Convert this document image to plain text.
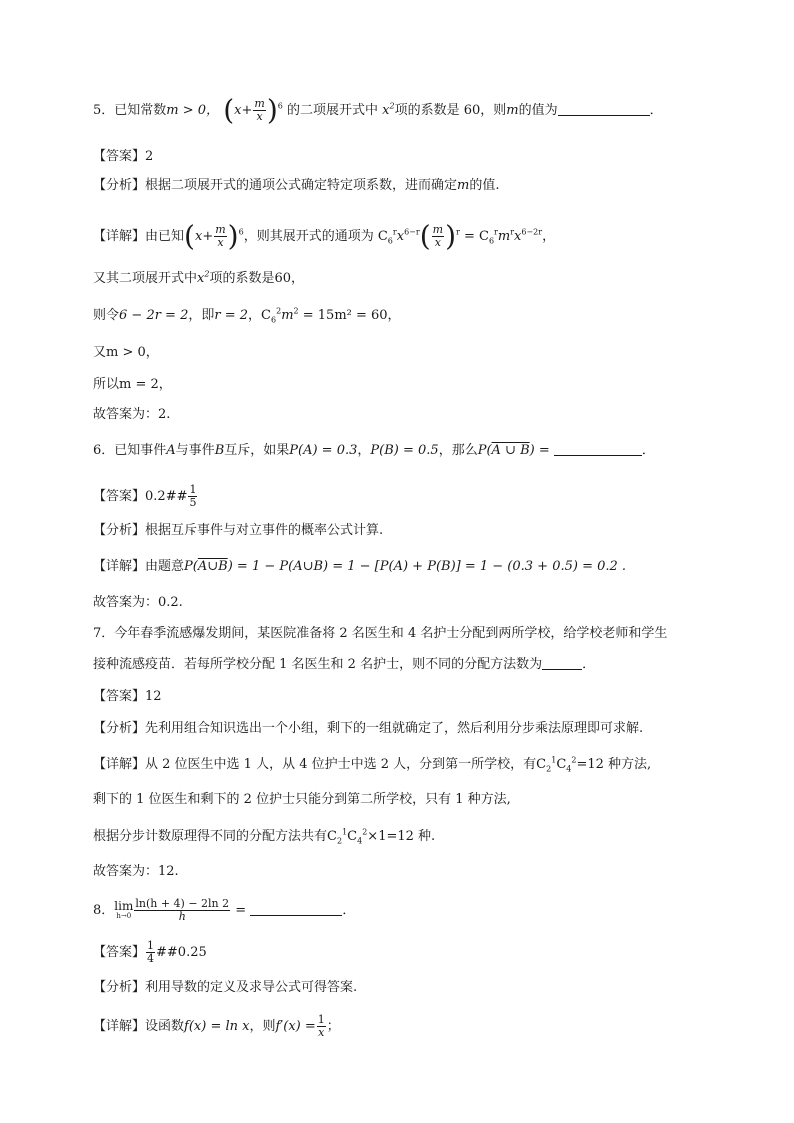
5．已知常数m > 0， $(x+ \frac{m}{x} )^6$ 的二项展开式中 $x^2$项的系数是 60，则m的值为	．
【答案】2
【分析】根据二项展开式的通项公式确定特定项系数，进而确定m的值.
【详解】由已知$(x+ \frac{m}{x} )^6$，则其展开式的通项为 $C_6^rx^{6-r}( \frac{m}{x} )^r = C_6^rm^rx^{6-2r}$，
又其二项展开式中$x^2$项的系数是60，
则令6 − 2r = 2，即r = 2，$C_6^2m^2 = 15m^2 = 60$，
又m > 0，
所以m = 2，
故答案为：2.
6．已知事件A与事件B互斥，如果P(A) = 0.3，P(B) = 0.5，那么P(A ∪ B) =	．
【答案】0.2## $\frac{1}{5}$
【分析】根据互斥事件与对立事件的概率公式计算.
【详解】由题意P(A∪B) = 1 − P(A∪B) = 1 − [P(A) + P(B)] = 1 − (0.3 + 0.5) = 0.2 .
故答案为：0.2.
7．今年春季流感爆发期间，某医院准备将 2 名医生和 4 名护士分配到两所学校，给学校老师和学生
接种流感疫苗．若每所学校分配 1 名医生和 2 名护士，则不同的分配方法数为	．
【答案】12
【分析】先利用组合知识选出一个小组，剩下的一组就确定了，然后利用分步乘法原理即可求解.
【详解】从 2 位医生中选 1 人，从 4 位护士中选 2 人，分到第一所学校，有$C_2^1C_4^2=12$ 种方法,
剩下的 1 位医生和剩下的 2 位护士只能分到第二所学校，只有 1 种方法,
根据分步计数原理得不同的分配方法共有$C_2^1C_4^2\times 1=12$ 种.
故答案为：12.
8． lim
$h\to 0 \frac{\ln(h + 4) - 2\ln 2}{h}$ =	．
【答案】 $\frac{1}{4}$ ##0.25
【分析】利用导数的定义及求导公式可得答案.
【详解】设函数f(x) = ln x，则$f'(x) = \frac{1}{x}$ ；
